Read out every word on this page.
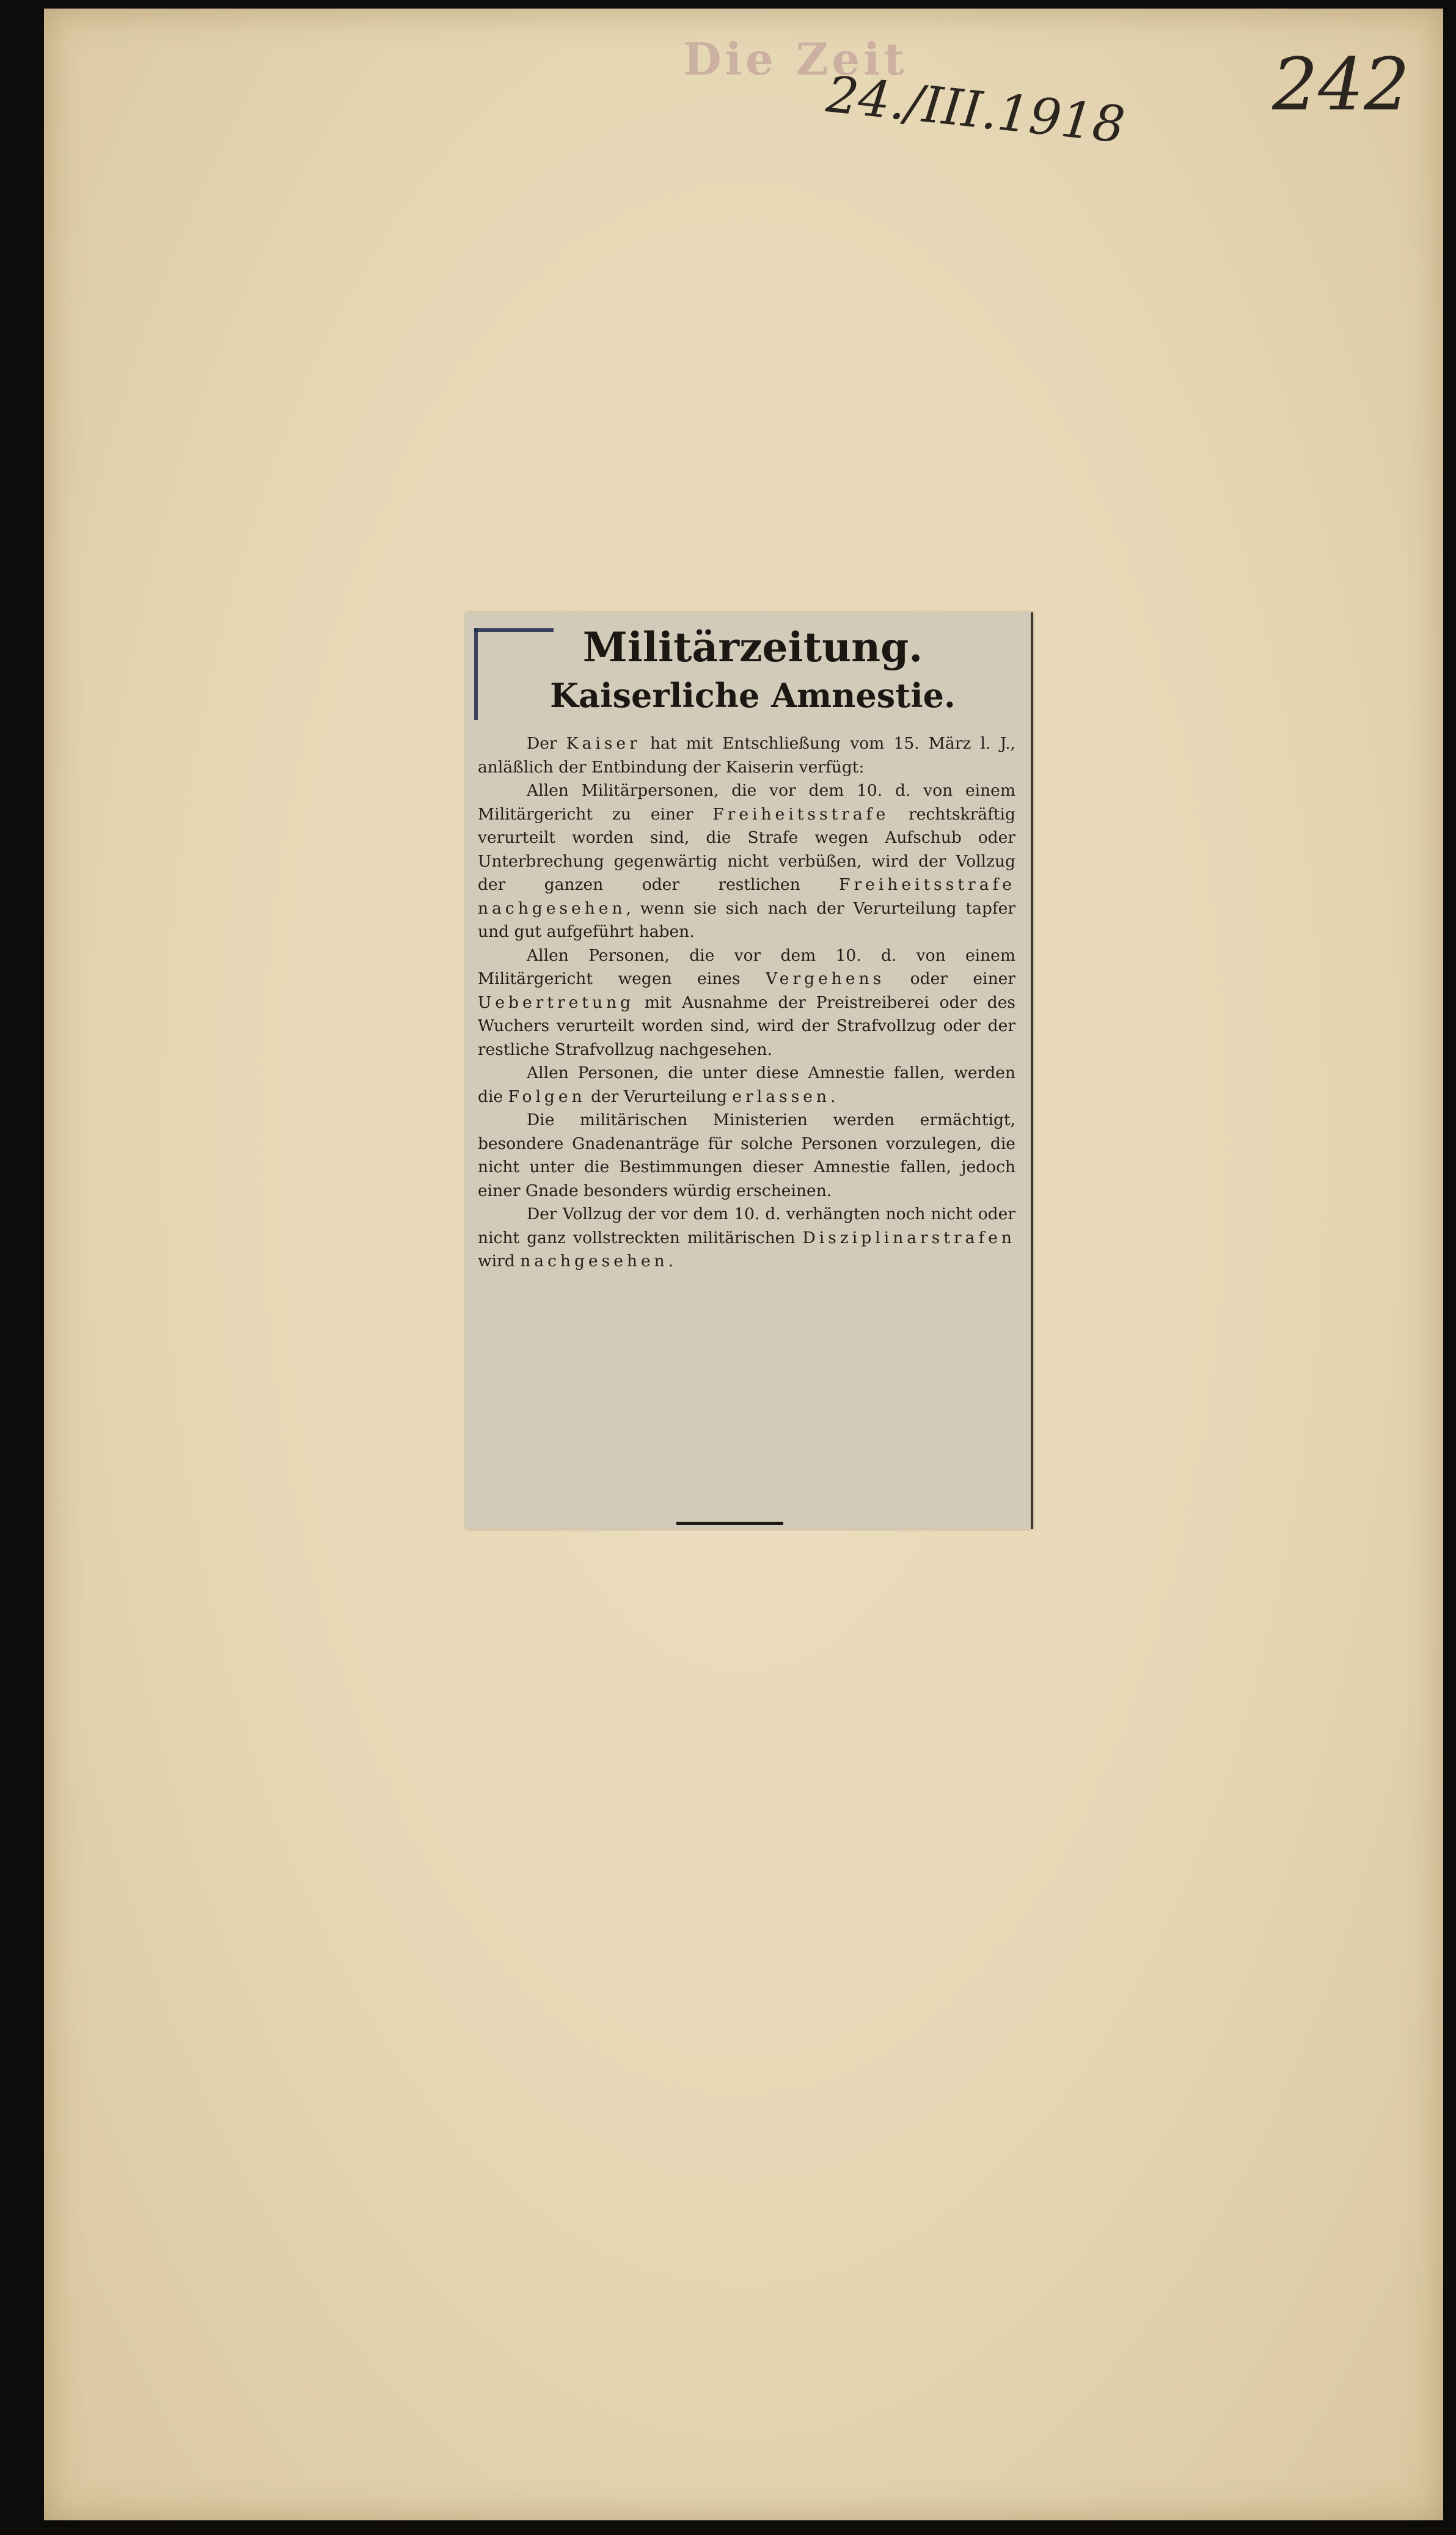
Die Zeit
24./III.1918 242
Militärzeitung.
Kaiserliche Amnestie.

Der Kaiser hat mit Entschließung vom 15. März l. J., anläßlich der Entbindung der Kaiserin verfügt:

Allen Militärpersonen, die vor dem 10. d. von einem Militärgericht zu einer Freiheitsstrafe rechtskräftig verurteilt worden sind, die Strafe wegen Aufschub oder Unterbrechung gegenwärtig nicht verbüßen, wird der Vollzug der ganzen oder restlichen Freiheitsstrafe nachgesehen, wenn sie sich nach der Verurteilung tapfer und gut aufgeführt haben.

Allen Personen, die vor dem 10. d. von einem Militärgericht wegen eines Vergehens oder einer Uebertretung mit Ausnahme der Preistreiberei oder des Wuchers verurteilt worden sind, wird der Strafvollzug oder der restliche Strafvollzug nachgesehen.

Allen Personen, die unter diese Amnestie fallen, werden die Folgen der Verurteilung erlassen.

Die militärischen Ministerien werden ermächtigt, besondere Gnadenanträge für solche Personen vorzulegen, die nicht unter die Bestimmungen dieser Amnestie fallen, jedoch einer Gnade besonders würdig erscheinen.

Der Vollzug der vor dem 10. d. verhängten noch nicht oder nicht ganz vollstreckten militärischen Disziplinarstrafen wird nachgesehen.
